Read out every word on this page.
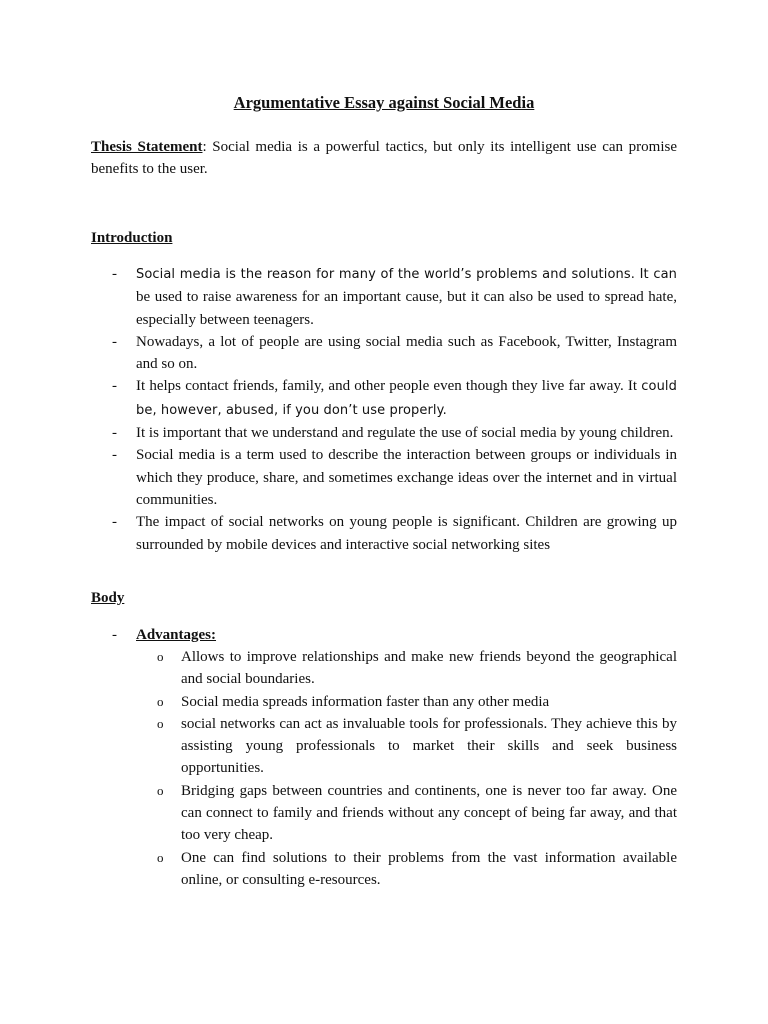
Argumentative Essay against Social Media
Thesis Statement: Social media is a powerful tactics, but only its intelligent use can promise benefits to the user.
Introduction
- Social media is the reason for many of the world’s problems and solutions. It can be used to raise awareness for an important cause, but it can also be used to spread hate, especially between teenagers.
- Nowadays, a lot of people are using social media such as Facebook, Twitter, Instagram and so on.
- It helps contact friends, family, and other people even though they live far away. It could be, however, abused, if you don’t use properly.
- It is important that we understand and regulate the use of social media by young children.
- Social media is a term used to describe the interaction between groups or individuals in which they produce, share, and sometimes exchange ideas over the internet and in virtual communities.
- The impact of social networks on young people is significant. Children are growing up surrounded by mobile devices and interactive social networking sites
Body
- Advantages:
o Allows to improve relationships and make new friends beyond the geographical and social boundaries.
o Social media spreads information faster than any other media
o social networks can act as invaluable tools for professionals. They achieve this by assisting young professionals to market their skills and seek business opportunities.
o Bridging gaps between countries and continents, one is never too far away. One can connect to family and friends without any concept of being far away, and that too very cheap.
o One can find solutions to their problems from the vast information available online, or consulting e-resources.
